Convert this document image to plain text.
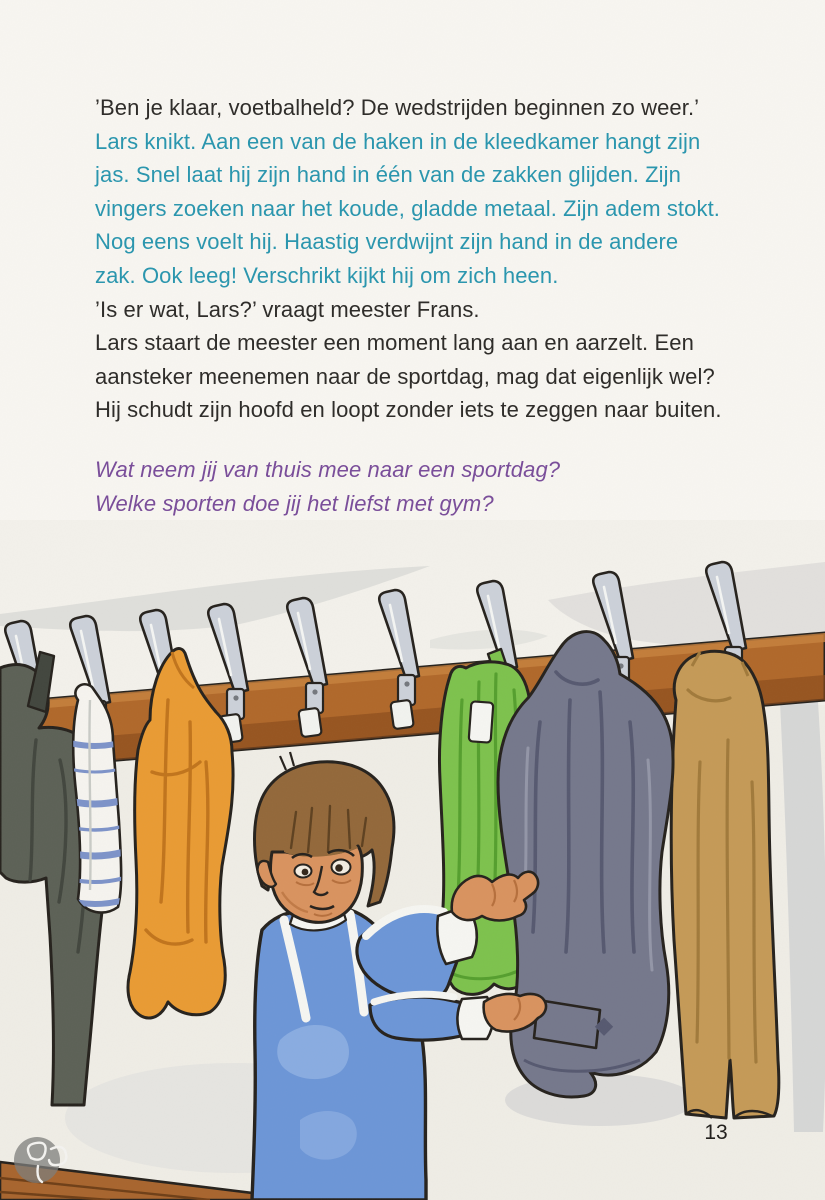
’Ben je klaar, voetbalheld? De wedstrijden beginnen zo weer.’
Lars knikt. Aan een van de haken in de kleedkamer hangt zijn
jas. Snel laat hij zijn hand in één van de zakken glijden. Zijn
vingers zoeken naar het koude, gladde metaal. Zijn adem stokt.
Nog eens voelt hij. Haastig verdwijnt zijn hand in de andere
zak. Ook leeg! Verschrikt kijkt hij om zich heen.
’Is er wat, Lars?’ vraagt meester Frans.
Lars staart de meester een moment lang aan en aarzelt. Een
aansteker meenemen naar de sportdag, mag dat eigenlijk wel?
Hij schudt zijn hoofd en loopt zonder iets te zeggen naar buiten.
Wat neem jij van thuis mee naar een sportdag?
Welke sporten doe jij het liefst met gym?
13
